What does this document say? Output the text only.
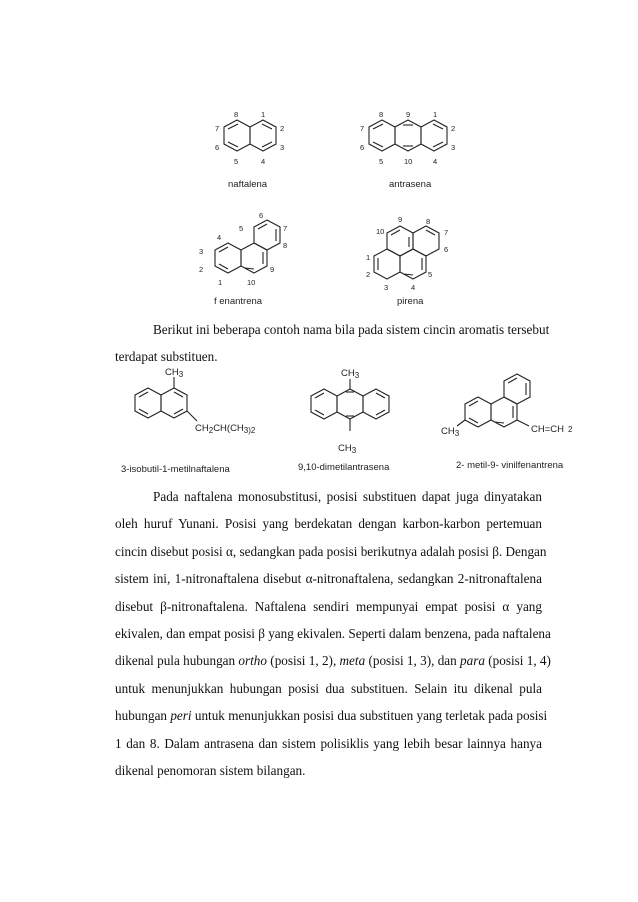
8	1
7	2
6	3
5	4
naftalena
8	9	1
7	2
6	3
5	10	4
antrasena
5
6
7
8
4
3
2
1
9
10
f enantrena
9	8
10	7
6
1
2	5
3	4
pirena
Berikut ini beberapa contoh nama bila pada sistem cincin aromatis tersebut
terdapat substituen.
$CH_3$
$CH_2CH(CH_{3)2}$
3-isobutil-1-metilnaftalena
$CH_3$
$CH_3$
9,10-dimetilantrasena
$CH_3$	CH=CH 2
2- metil-9- vinilfenantrena
Pada naftalena monosubstitusi, posisi substituen dapat juga dinyatakan
oleh huruf Yunani. Posisi yang berdekatan dengan karbon-karbon pertemuan
cincin disebut posisi α, sedangkan pada posisi berikutnya adalah posisi β. Dengan
sistem ini, 1-nitronaftalena disebut α-nitronaftalena, sedangkan 2-nitronaftalena
disebut β-nitronaftalena. Naftalena sendiri mempunyai empat posisi α yang
ekivalen, dan empat posisi β yang ekivalen. Seperti dalam benzena, pada naftalena
dikenal pula hubungan ortho (posisi 1, 2), meta (posisi 1, 3), dan para (posisi 1, 4)
untuk menunjukkan hubungan posisi dua substituen. Selain itu dikenal pula
hubungan peri untuk menunjukkan posisi dua substituen yang terletak pada posisi
1 dan 8. Dalam antrasena dan sistem polisiklis yang lebih besar lainnya hanya
dikenal penomoran sistem bilangan.
